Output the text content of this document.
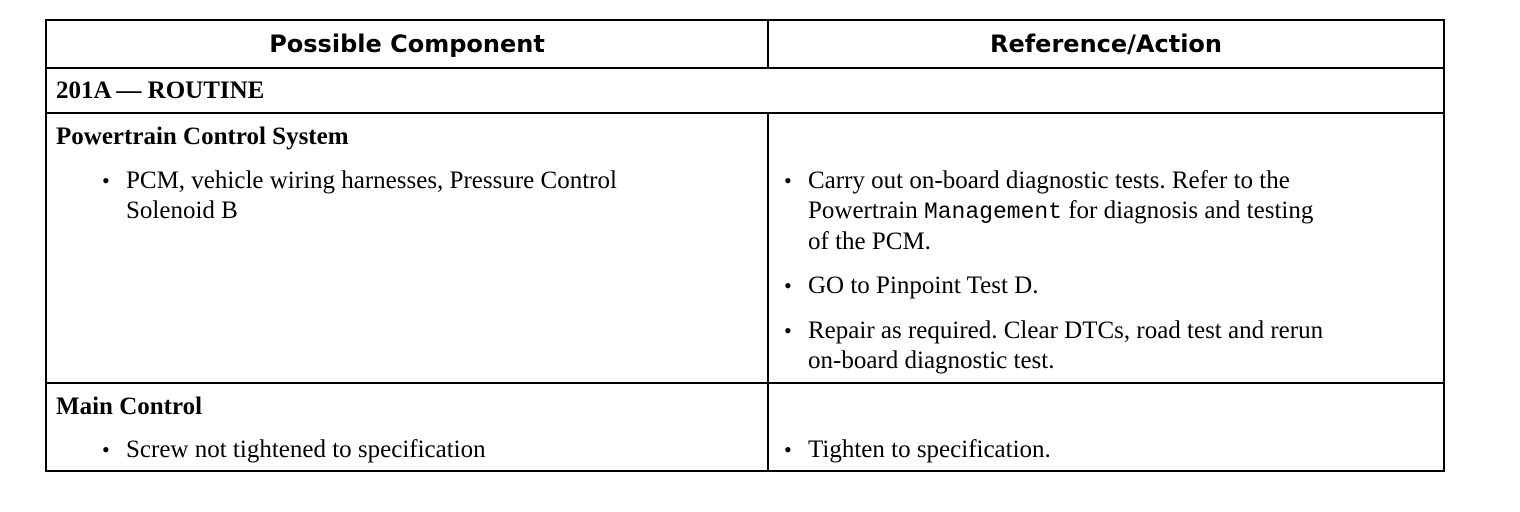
Possible Component	Reference/Action
201A — ROUTINE
Powertrain Control System
• PCM, vehicle wiring harnesses, Pressure Control
Solenoid B
• Carry out on-board diagnostic tests. Refer to the
Powertrain Management for diagnosis and testing
of the PCM.
• GO to Pinpoint Test D.
• Repair as required. Clear DTCs, road test and rerun
on-board diagnostic test.
Main Control
• Screw not tightened to specification	• Tighten to specification.
